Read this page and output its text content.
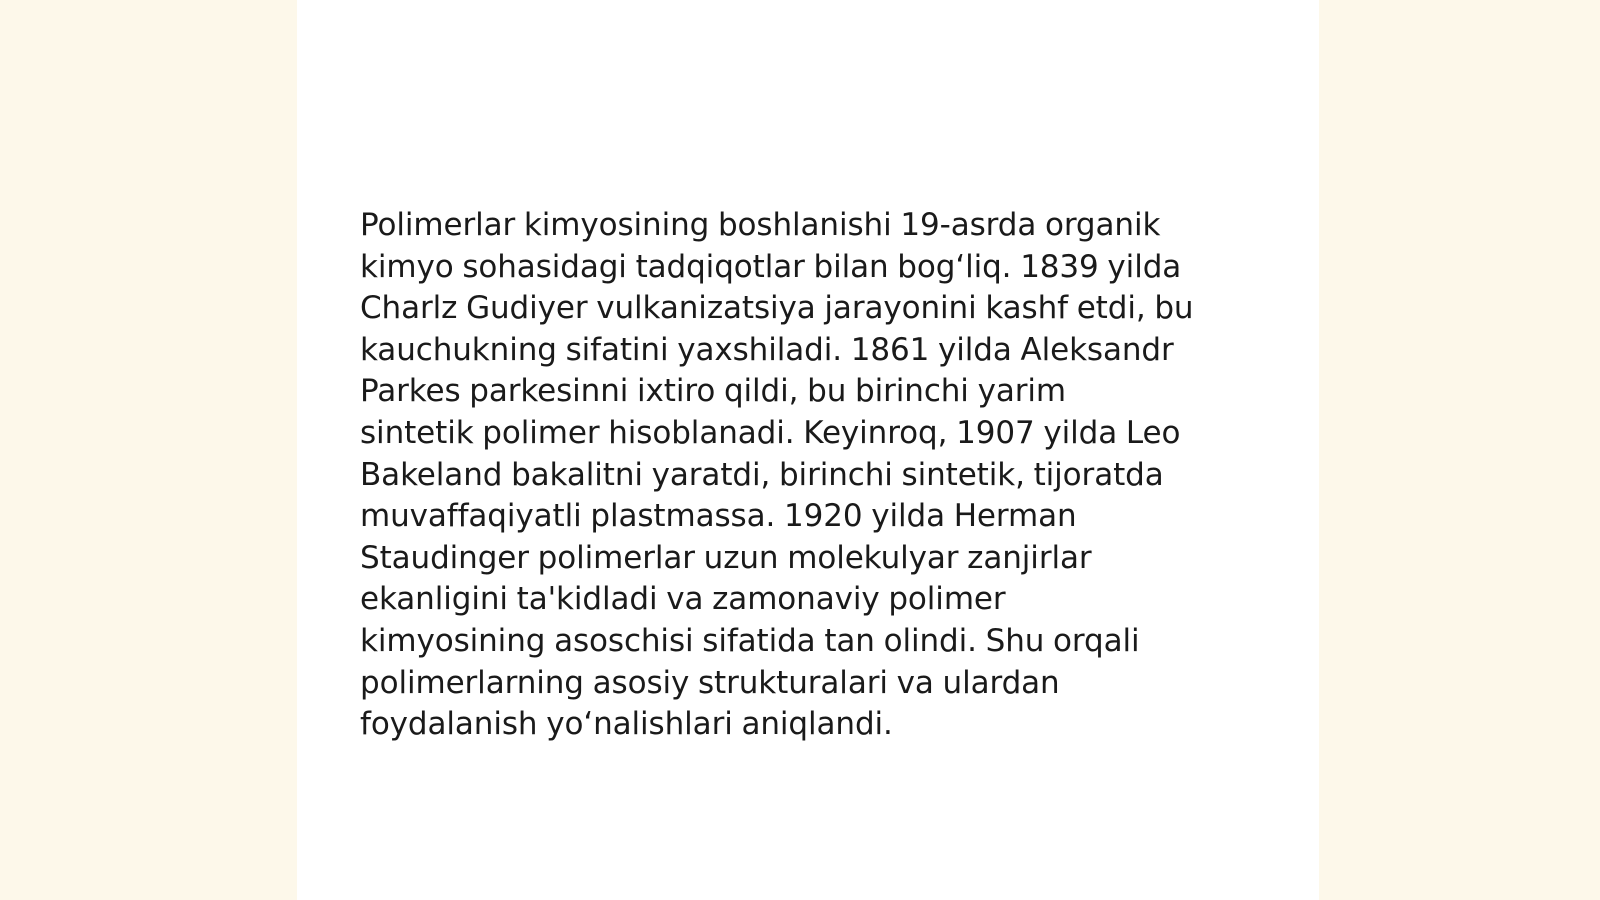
Polimerlar kimyosining boshlanishi 19-asrda organik
kimyo sohasidagi tadqiqotlar bilan bog‘liq. 1839 yilda
Charlz Gudiyer vulkanizatsiya jarayonini kashf etdi, bu
kauchukning sifatini yaxshiladi. 1861 yilda Aleksandr
Parkes parkesinni ixtiro qildi, bu birinchi yarim
sintetik polimer hisoblanadi. Keyinroq, 1907 yilda Leo
Bakeland bakalitni yaratdi, birinchi sintetik, tijoratda
muvaffaqiyatli plastmassa. 1920 yilda Herman
Staudinger polimerlar uzun molekulyar zanjirlar
ekanligini ta'kidladi va zamonaviy polimer
kimyosining asoschisi sifatida tan olindi. Shu orqali
polimerlarning asosiy strukturalari va ulardan
foydalanish yo‘nalishlari aniqlandi.
